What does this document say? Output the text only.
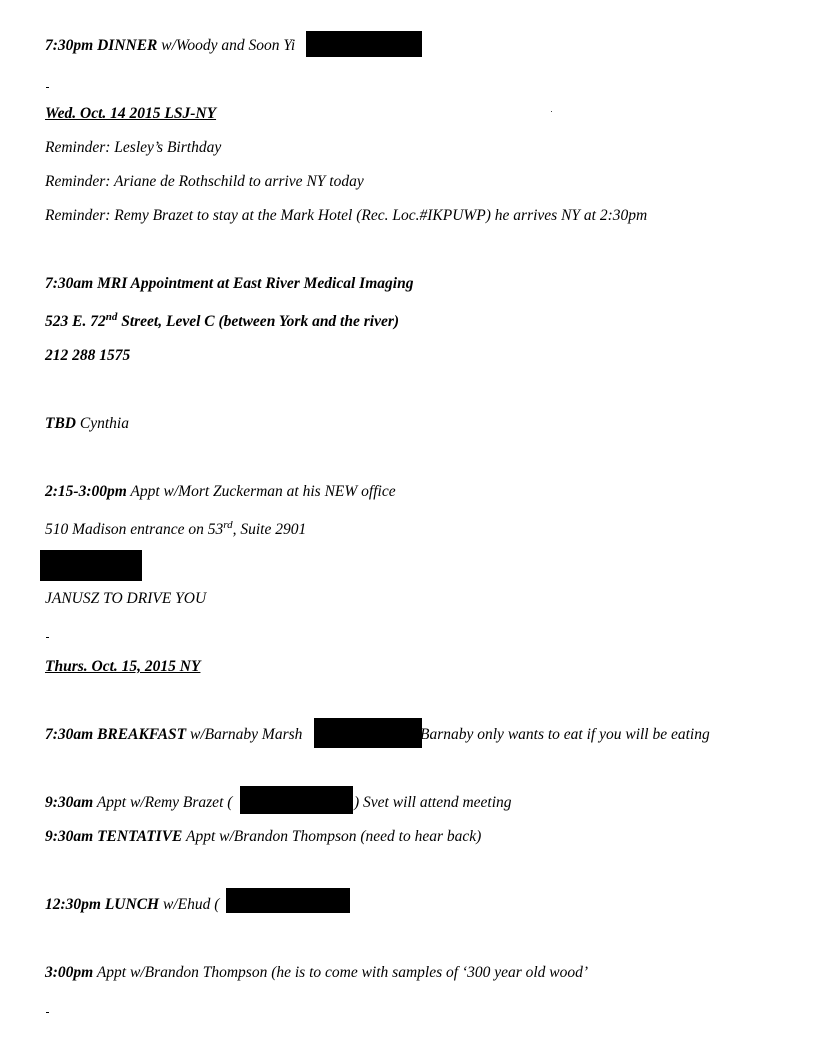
7:30pm DINNER w/Woody and Soon Yi
Wed. Oct. 14 2015 LSJ-NY
Reminder: Lesley’s Birthday
Reminder: Ariane de Rothschild to arrive NY today
Reminder: Remy Brazet to stay at the Mark Hotel (Rec. Loc.#IKPUWP) he arrives NY at 2:30pm
7:30am MRI Appointment at East River Medical Imaging
523 E. 72nd Street, Level C (between York and the river)
212 288 1575
TBD Cynthia
2:15-3:00pm Appt w/Mort Zuckerman at his NEW office
510 Madison entrance on 53rd, Suite 2901
JANUSZ TO DRIVE YOU
Thurs. Oct. 15, 2015 NY
7:30am BREAKFAST w/Barnaby Marsh	Barnaby only wants to eat if you will be eating
9:30am Appt w/Remy Brazet (	) Svet will attend meeting
9:30am TENTATIVE Appt w/Brandon Thompson (need to hear back)
12:30pm LUNCH w/Ehud (
3:00pm Appt w/Brandon Thompson (he is to come with samples of ‘300 year old wood’
